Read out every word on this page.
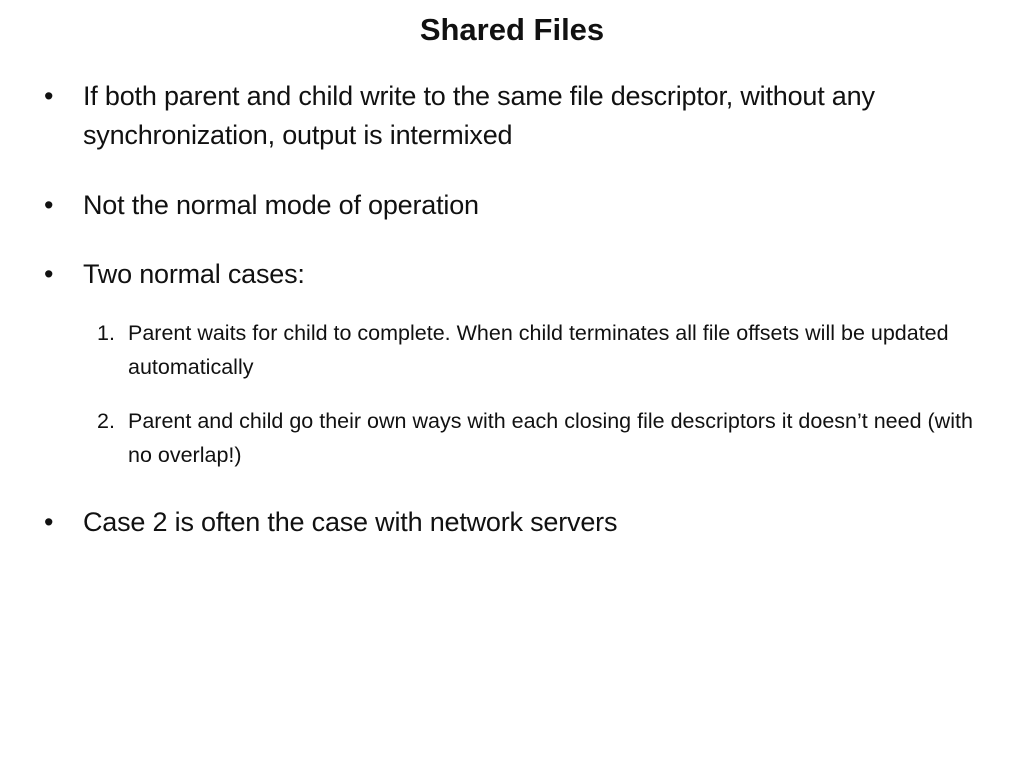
Shared Files
•	If both parent and child write to the same file descriptor, without any synchronization, output is intermixed
•	Not the normal mode of operation
•	Two normal cases:
1. Parent waits for child to complete. When child terminates all file offsets will be updated automatically
2. Parent and child go their own ways with each closing file descriptors it doesn’t need (with no overlap!)
•	Case 2 is often the case with network servers
